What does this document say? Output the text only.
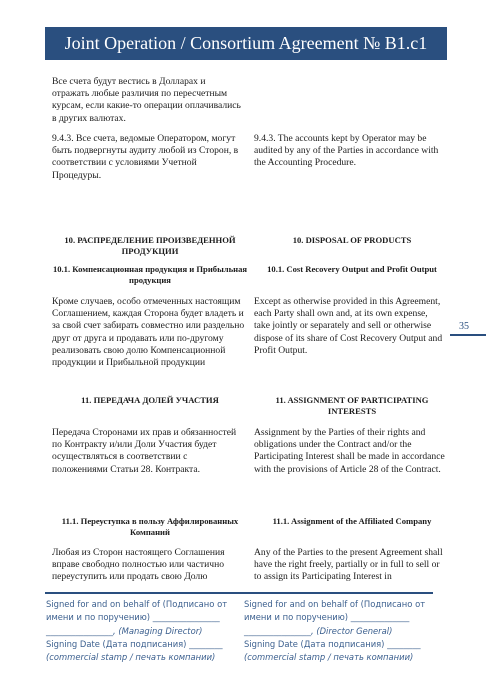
Joint Operation / Consortium Agreement № B1.c1

Все счета будут вестись в Долларах и отражать любые различия по пересчетным курсам, если какие-то операции оплачивались в других валютах.

9.4.3. Все счета, ведомые Оператором, могут быть подвергнуты аудиту любой из Сторон, в соответствии с условиями Учетной Процедуры.

10. РАСПРЕДЕЛЕНИЕ ПРОИЗВЕДЕННОЙ ПРОДУКЦИИ

10.1. Компенсационная продукция и Прибыльная продукция

Кроме случаев, особо отмеченных настоящим Соглашением, каждая Сторона будет владеть и за свой счет забирать совместно или раздельно друг от друга и продавать или по-другому реализовать свою долю Компенсационной продукции и Прибыльной продукции

11. ПЕРЕДАЧА ДОЛЕЙ УЧАСТИЯ

Передача Сторонами их прав и обязанностей по Контракту и/или Доли Участия будет осуществляться в соответствии с положениями Статьи 28. Контракта.

11.1. Переуступка в пользу Аффилированных Компаний

Любая из Сторон настоящего Соглашения вправе свободно полностью или частично переуступить или продать свою Долю

9.4.3. The accounts kept by Operator may be audited by any of the Parties in accordance with the Accounting Procedure.

10. DISPOSAL OF PRODUCTS

10.1. Cost Recovery Output and Profit Output

Except as otherwise provided in this Agreement, each Party shall own and, at its own expense, take jointly or separately and sell or otherwise dispose of its share of Cost Recovery Output and Profit Output.

11. ASSIGNMENT OF PARTICIPATING INTERESTS

Assignment by the Parties of their rights and obligations under the Contract and/or the Participating Interest shall be made in accordance with the provisions of Article 28 of the Contract.

11.1. Assignment of the Affiliated Company

Any of the Parties to the present Agreement shall have the right freely, partially or in full to sell or to assign its Participating Interest in

35
Signed for and on behalf of (Подписано от
имени и по поручению) ________________
________________, (Managing Director)
Signing Date (Дата подписания) ________
(commercial stamp / печать компании)
Signed for and on behalf of (Подписано от
имени и по поручению) ______________
________________, (Director General)
Signing Date (Дата подписания) ________
(commercial stamp / печать компании)
